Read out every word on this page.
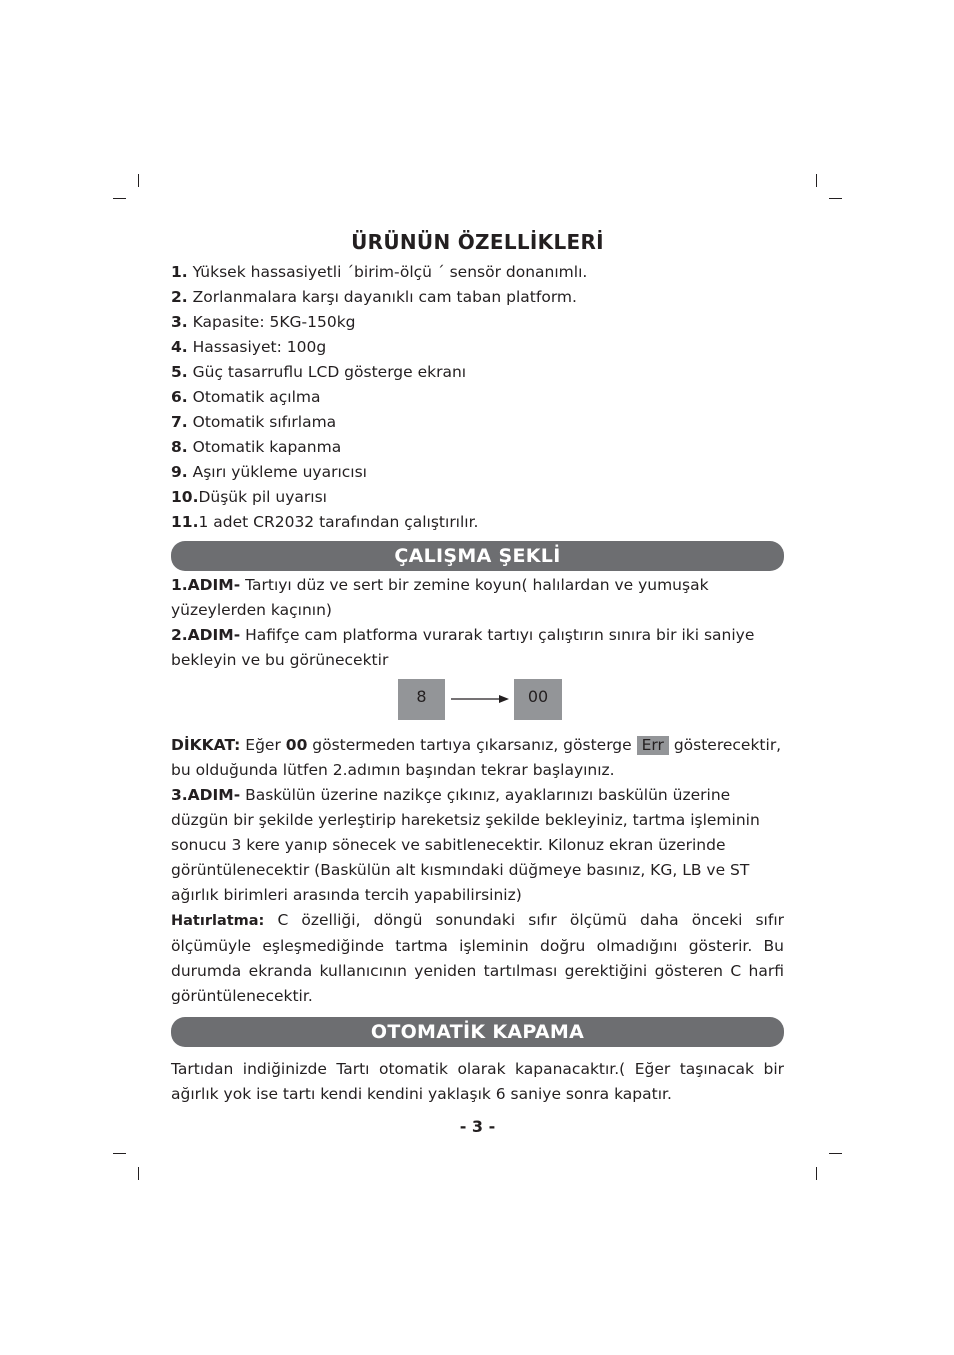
ÜRÜNÜN ÖZELLİKLERİ
1. Yüksek hassasiyetli ´birim-ölçü ´ sensör donanımlı.
2. Zorlanmalara karşı dayanıklı cam taban platform.
3. Kapasite: 5KG-150kg
4. Hassasiyet: 100g
5. Güç tasarruflu LCD gösterge ekranı
6. Otomatik açılma
7. Otomatik sıfırlama
8. Otomatik kapanma
9. Aşırı yükleme uyarıcısı
10.Düşük pil uyarısı
11.1 adet CR2032 tarafından çalıştırılır.
ÇALIŞMA ŞEKLİ

1.ADIM- Tartıyı düz ve sert bir zemine koyun( halılardan ve yumuşak yüzeylerden kaçının)

2.ADIM- Hafifçe cam platforma vurarak tartıyı çalıştırın sınıra bir iki saniye bekleyin ve bu görünecektir

8	00

DİKKAT: Eğer 00 göstermeden tartıya çıkarsanız, gösterge Err gösterecektir, bu olduğunda lütfen 2.adımın başından tekrar başlayınız.

3.ADIM- Baskülün üzerine nazikçe çıkınız, ayaklarınızı baskülün üzerine düzgün bir şekilde yerleştirip hareketsiz şekilde bekleyiniz, tartma işleminin sonucu 3 kere yanıp sönecek ve sabitlenecektir. Kilonuz ekran üzerinde görüntülenecektir (Baskülün alt kısmındaki düğmeye basınız, KG, LB ve ST ağırlık birimleri arasında tercih yapabilirsiniz)

Hatırlatma: C özelliği, döngü sonundaki sıfır ölçümü daha önceki sıfır ölçümüyle eşleşmediğinde tartma işleminin doğru olmadığını gösterir. Bu durumda ekranda kullanıcının yeniden tartılması gerektiğini gösteren C harfi görüntülenecektir.

OTOMATİK KAPAMA

Tartıdan indiğinizde Tartı otomatik olarak kapanacaktır.( Eğer taşınacak bir ağırlık yok ise tartı kendi kendini yaklaşık 6 saniye sonra kapatır.

- 3 -
